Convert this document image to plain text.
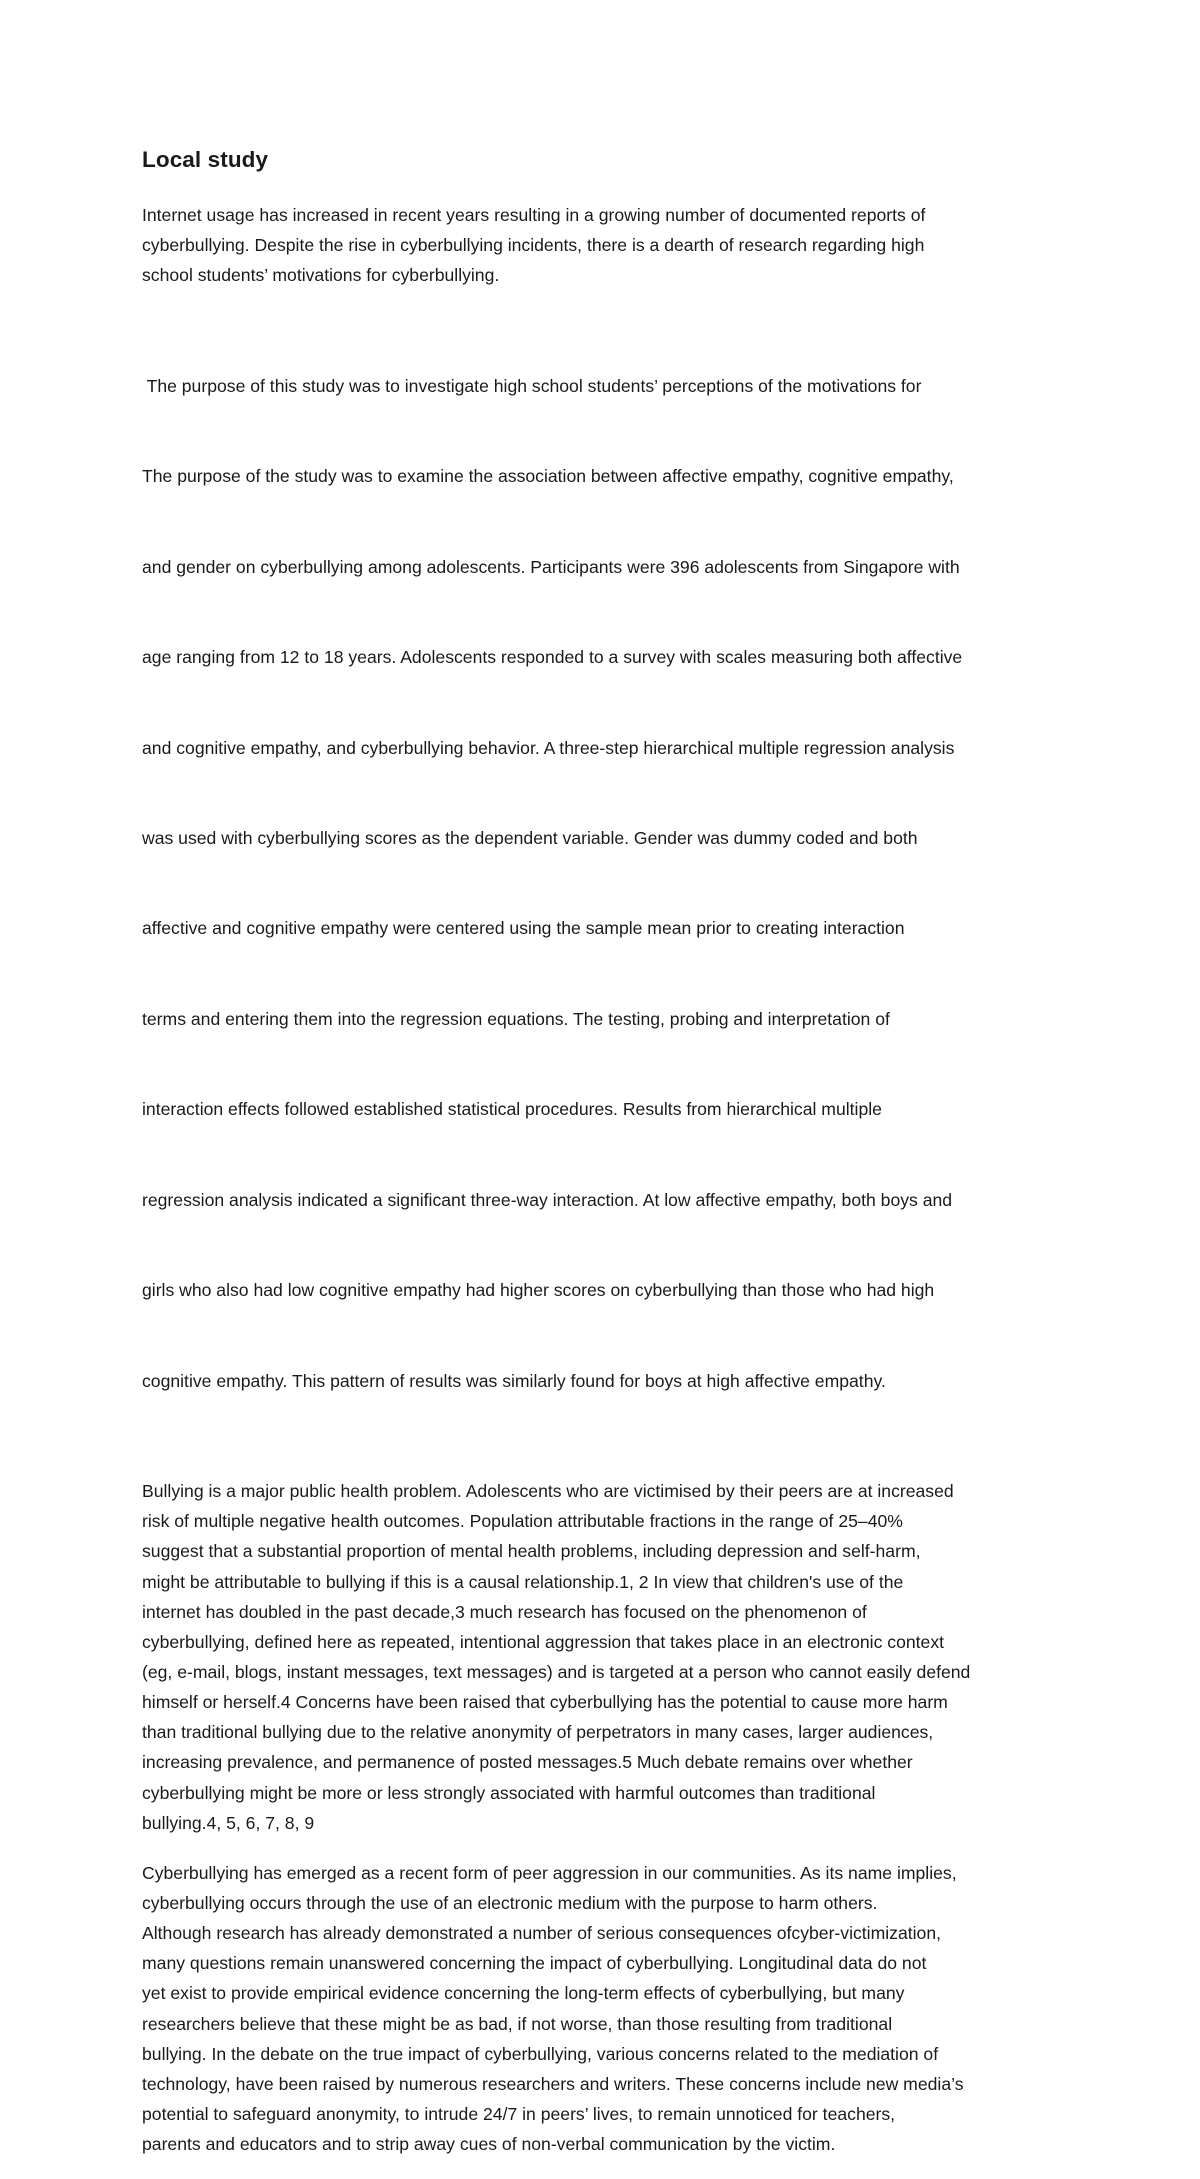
Local study

Internet usage has increased in recent years resulting in a growing number of documented reports of
cyberbullying. Despite the rise in cyberbullying incidents, there is a dearth of research regarding high
school students’ motivations for cyberbullying.

The purpose of this study was to investigate high school students’ perceptions of the motivations for

The purpose of the study was to examine the association between affective empathy, cognitive empathy,

and gender on cyberbullying among adolescents. Participants were 396 adolescents from Singapore with

age ranging from 12 to 18 years. Adolescents responded to a survey with scales measuring both affective

and cognitive empathy, and cyberbullying behavior. A three-step hierarchical multiple regression analysis

was used with cyberbullying scores as the dependent variable. Gender was dummy coded and both

affective and cognitive empathy were centered using the sample mean prior to creating interaction

terms and entering them into the regression equations. The testing, probing and interpretation of

interaction effects followed established statistical procedures. Results from hierarchical multiple

regression analysis indicated a significant three-way interaction. At low affective empathy, both boys and

girls who also had low cognitive empathy had higher scores on cyberbullying than those who had high

cognitive empathy. This pattern of results was similarly found for boys at high affective empathy.

Bullying is a major public health problem. Adolescents who are victimised by their peers are at increased
risk of multiple negative health outcomes. Population attributable fractions in the range of 25–40%
suggest that a substantial proportion of mental health problems, including depression and self-harm,
might be attributable to bullying if this is a causal relationship.1, 2 In view that children's use of the
internet has doubled in the past decade,3 much research has focused on the phenomenon of
cyberbullying, defined here as repeated, intentional aggression that takes place in an electronic context
(eg, e-mail, blogs, instant messages, text messages) and is targeted at a person who cannot easily defend
himself or herself.4 Concerns have been raised that cyberbullying has the potential to cause more harm
than traditional bullying due to the relative anonymity of perpetrators in many cases, larger audiences,
increasing prevalence, and permanence of posted messages.5 Much debate remains over whether
cyberbullying might be more or less strongly associated with harmful outcomes than traditional
bullying.4, 5, 6, 7, 8, 9

Cyberbullying has emerged as a recent form of peer aggression in our communities. As its name implies,
cyberbullying occurs through the use of an electronic medium with the purpose to harm others.
Although research has already demonstrated a number of serious consequences ofcyber-victimization,
many questions remain unanswered concerning the impact of cyberbullying. Longitudinal data do not
yet exist to provide empirical evidence concerning the long-term effects of cyberbullying, but many
researchers believe that these might be as bad, if not worse, than those resulting from traditional
bullying. In the debate on the true impact of cyberbullying, various concerns related to the mediation of
technology, have been raised by numerous researchers and writers. These concerns include new media’s
potential to safeguard anonymity, to intrude 24/7 in peers’ lives, to remain unnoticed for teachers,
parents and educators and to strip away cues of non-verbal communication by the victim.
